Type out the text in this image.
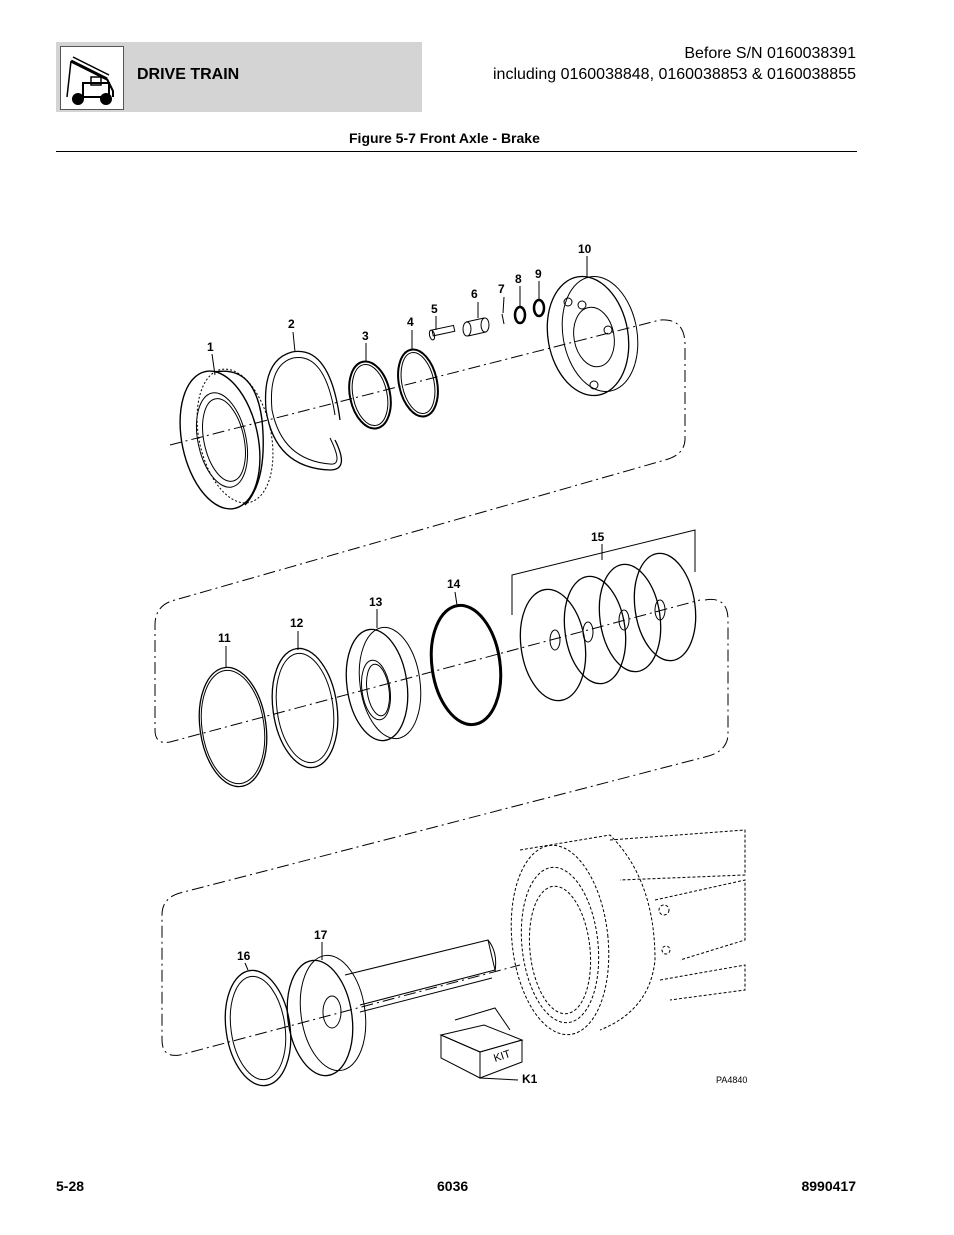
DRIVE TRAIN
Before S/N 0160038391
including 0160038848, 0160038853 & 0160038855
Figure 5-7 Front Axle - Brake
1
2
3
4
5
6 7
8 9
10
11
12
13
14
15
16
17
K1
KIT
PA4840
5-28	6036	8990417
